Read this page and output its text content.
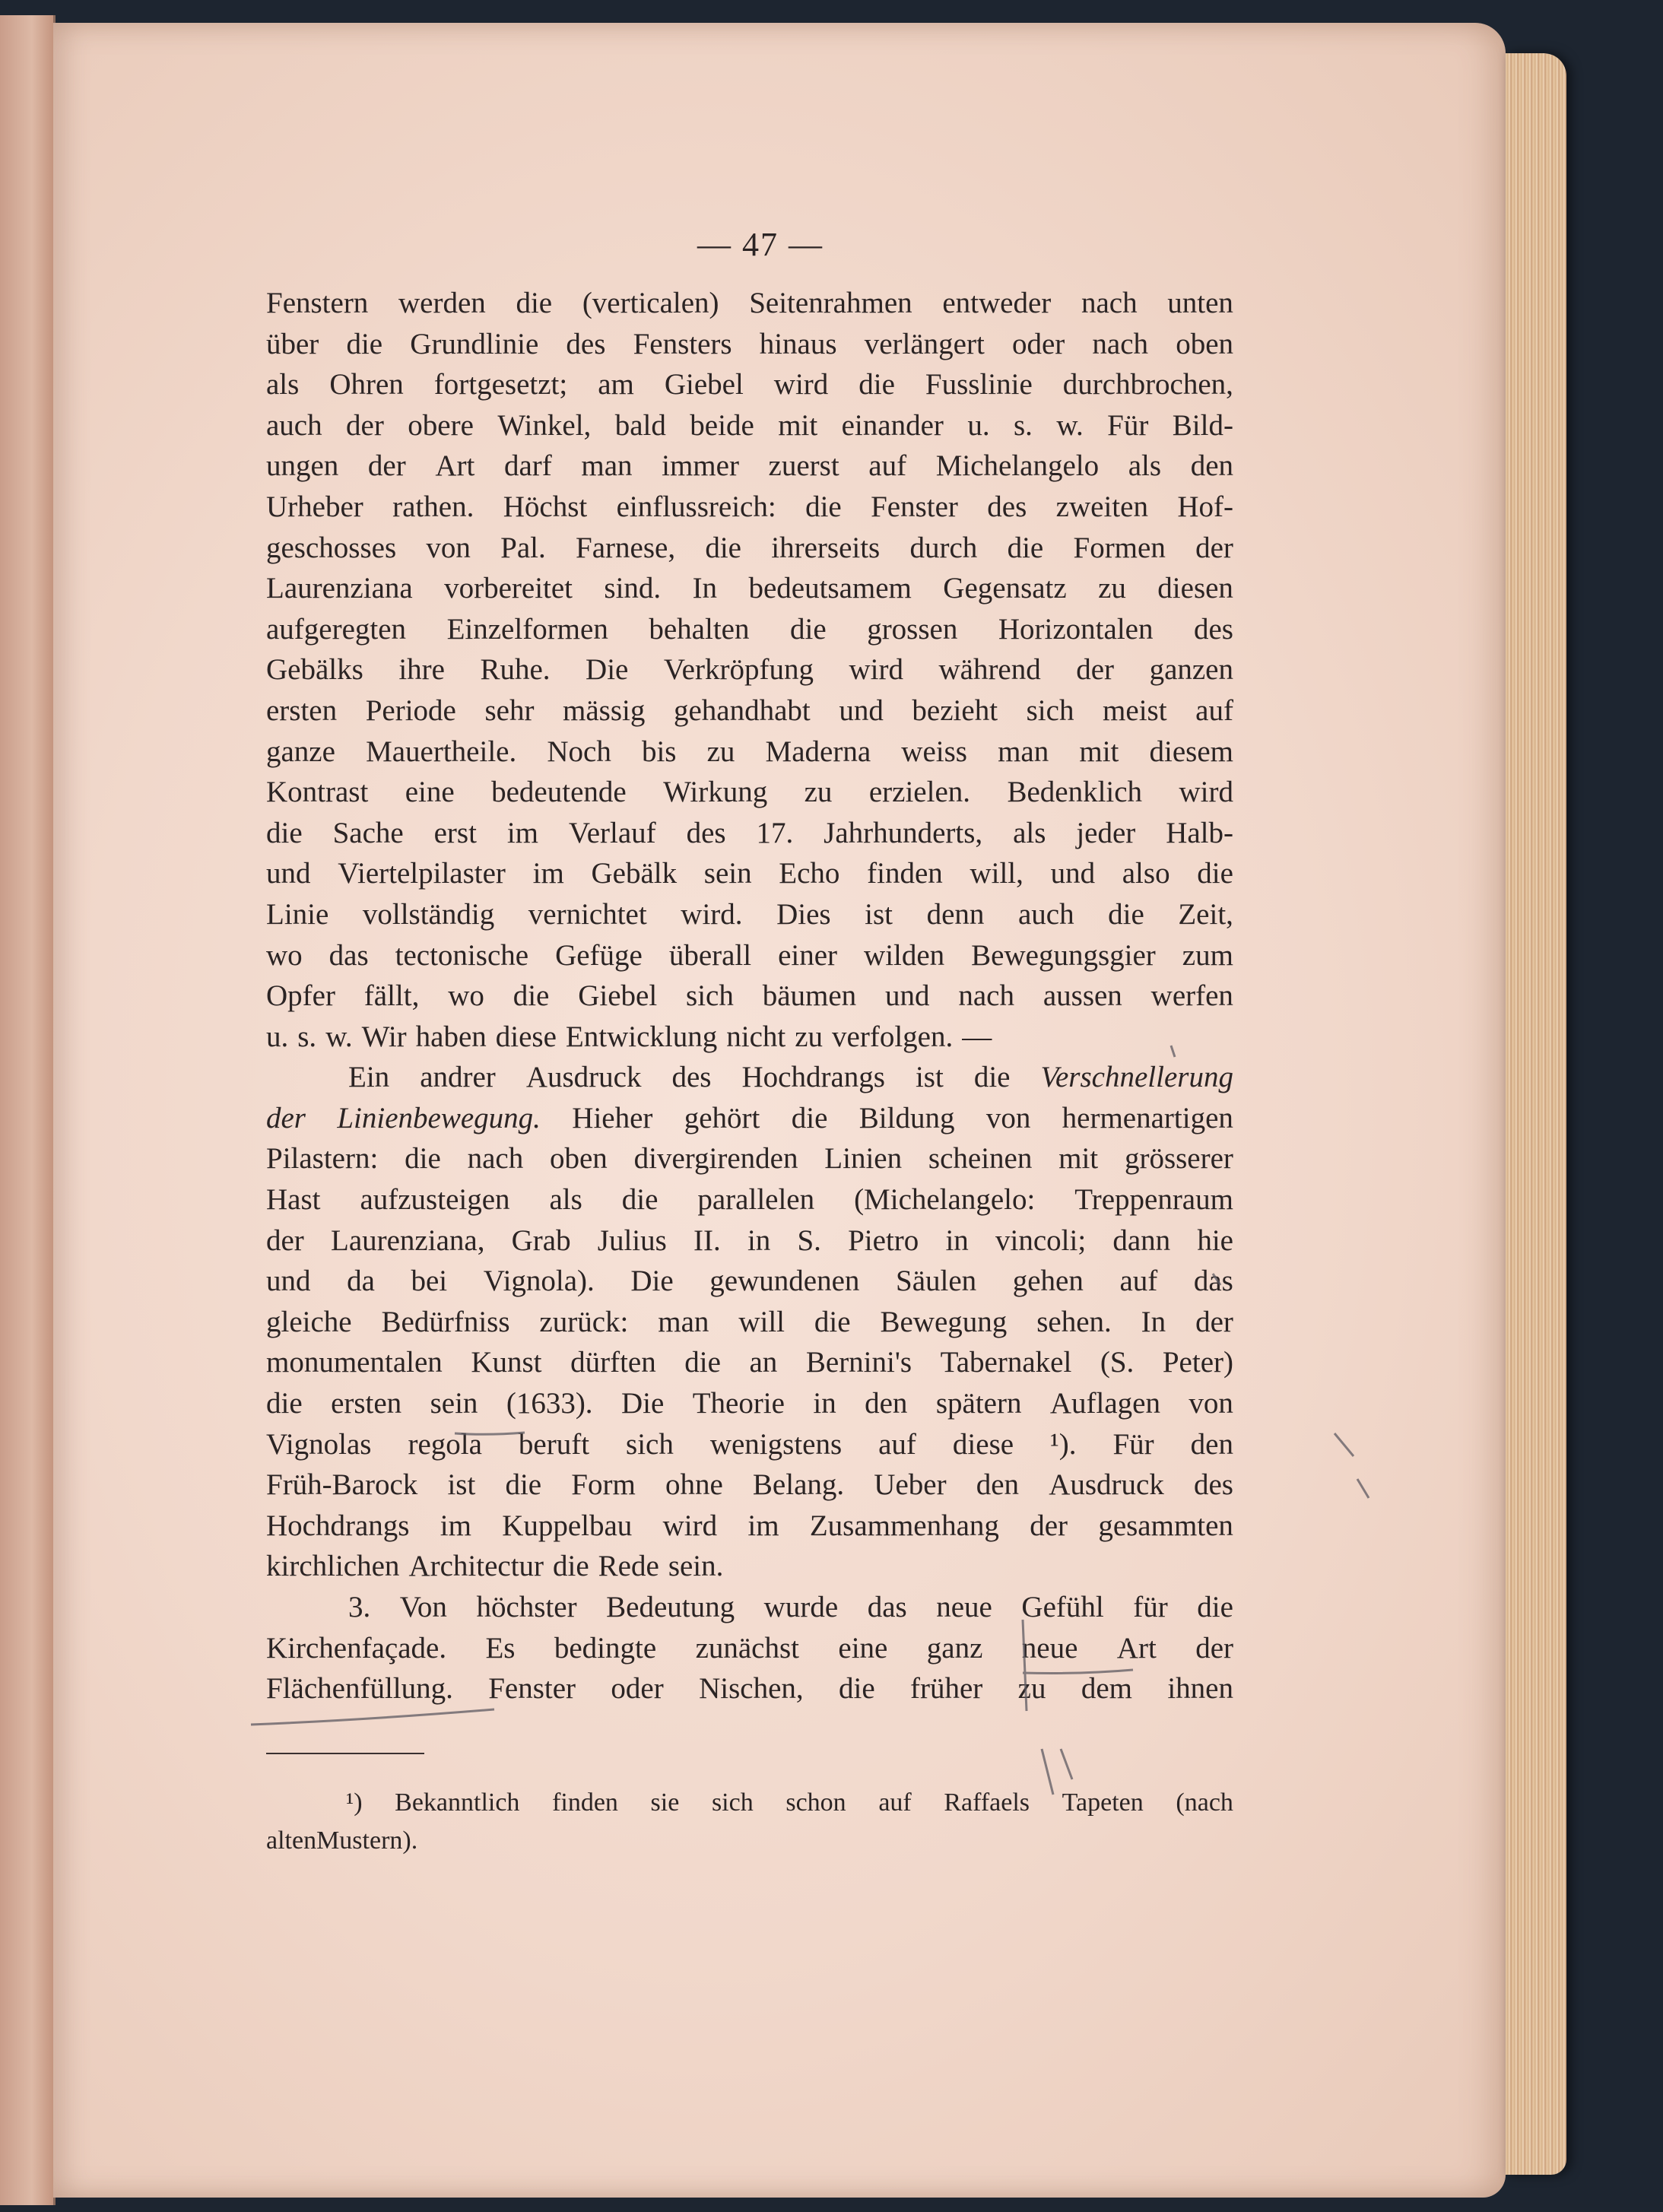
— 47 —
Fenstern werden die (verticalen) Seitenrahmen entweder nach unten
über die Grundlinie des Fensters hinaus verlängert oder nach oben
als Ohren fortgesetzt; am Giebel wird die Fusslinie durchbrochen,
auch der obere Winkel, bald beide mit einander u. s. w. Für Bild-
ungen der Art darf man immer zuerst auf Michelangelo als den
Urheber rathen. Höchst einflussreich: die Fenster des zweiten Hof-
geschosses von Pal. Farnese, die ihrerseits durch die Formen der
Laurenziana vorbereitet sind. In bedeutsamem Gegensatz zu diesen
aufgeregten Einzelformen behalten die grossen Horizontalen des
Gebälks ihre Ruhe. Die Verkröpfung wird während der ganzen
ersten Periode sehr mässig gehandhabt und bezieht sich meist auf
ganze Mauertheile. Noch bis zu Maderna weiss man mit diesem
Kontrast eine bedeutende Wirkung zu erzielen. Bedenklich wird
die Sache erst im Verlauf des 17. Jahrhunderts, als jeder Halb-
und Viertelpilaster im Gebälk sein Echo finden will, und also die
Linie vollständig vernichtet wird. Dies ist denn auch die Zeit,
wo das tectonische Gefüge überall einer wilden Bewegungsgier zum
Opfer fällt, wo die Giebel sich bäumen und nach aussen werfen
u. s. w. Wir haben diese Entwicklung nicht zu verfolgen. —
Ein andrer Ausdruck des Hochdrangs ist die Verschnellerung
der Linienbewegung. Hieher gehört die Bildung von hermenartigen
Pilastern: die nach oben divergirenden Linien scheinen mit grösserer
Hast aufzusteigen als die parallelen (Michelangelo: Treppenraum
der Laurenziana, Grab Julius II. in S. Pietro in vincoli; dann hie
und da bei Vignola). Die gewundenen Säulen gehen auf das
gleiche Bedürfniss zurück: man will die Bewegung sehen. In der
monumentalen Kunst dürften die an Bernini's Tabernakel (S. Peter)
die ersten sein (1633). Die Theorie in den spätern Auflagen von
Vignolas regola beruft sich wenigstens auf diese ¹). Für den
Früh-Barock ist die Form ohne Belang. Ueber den Ausdruck des
Hochdrangs im Kuppelbau wird im Zusammenhang der gesammten
kirchlichen Architectur die Rede sein.
3. Von höchster Bedeutung wurde das neue Gefühl für die
Kirchenfaçade. Es bedingte zunächst eine ganz neue Art der
Flächenfüllung. Fenster oder Nischen, die früher zu dem ihnen
¹) Bekanntlich finden sie sich schon auf Raffaels Tapeten (nach
alten Mustern).
